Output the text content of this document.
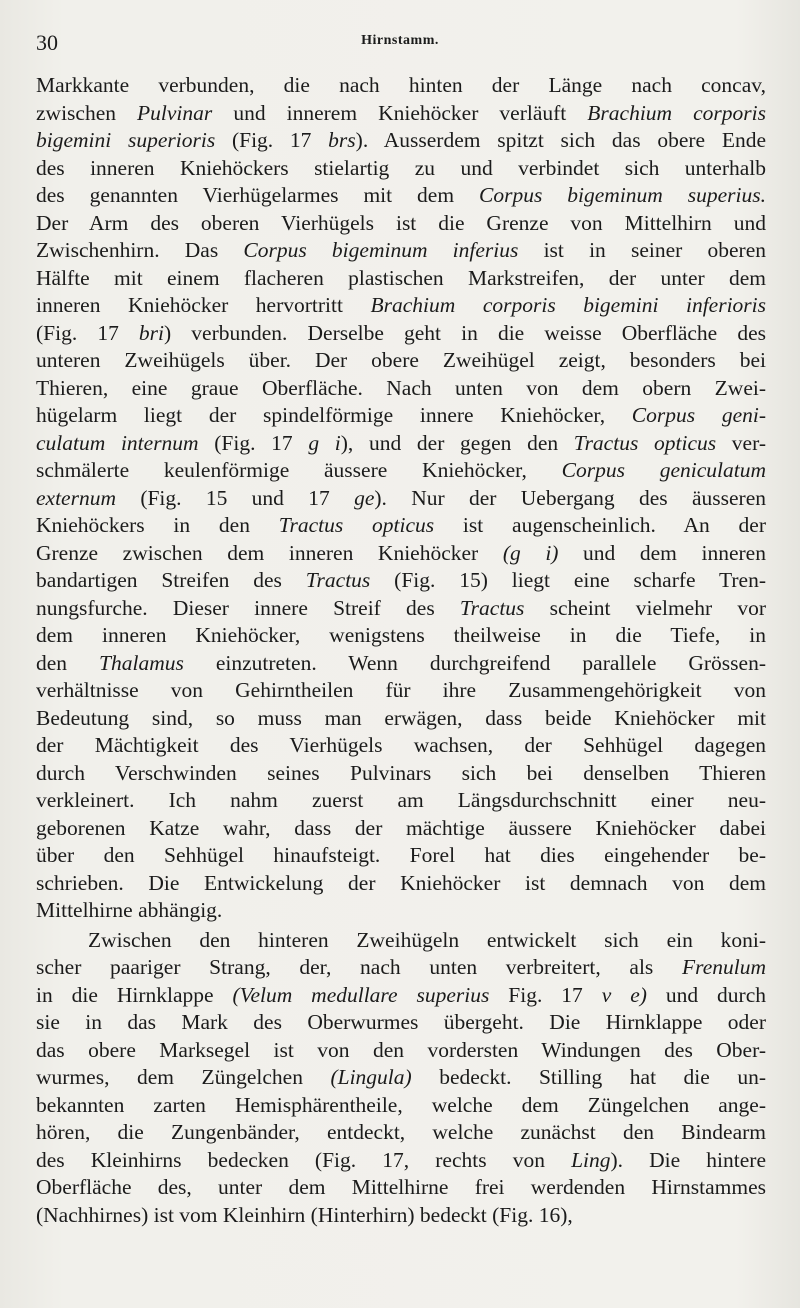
30	Hirnstamm.
Markkante verbunden, die nach hinten der Länge nach concav,
zwischen Pulvinar und innerem Kniehöcker verläuft Brachium corporis
bigemini superioris (Fig. 17 brs). Ausserdem spitzt sich das obere Ende
des inneren Kniehöckers stielartig zu und verbindet sich unterhalb
des genannten Vierhügelarmes mit dem Corpus bigeminum superius.
Der Arm des oberen Vierhügels ist die Grenze von Mittelhirn und
Zwischenhirn. Das Corpus bigeminum inferius ist in seiner oberen
Hälfte mit einem flacheren plastischen Markstreifen, der unter dem
inneren Kniehöcker hervortritt Brachium corporis bigemini inferioris
(Fig. 17 bri) verbunden. Derselbe geht in die weisse Oberfläche des
unteren Zweihügels über. Der obere Zweihügel zeigt, besonders bei
Thieren, eine graue Oberfläche. Nach unten von dem obern Zwei-
hügelarm liegt der spindelförmige innere Kniehöcker, Corpus geni-
culatum internum (Fig. 17 g i), und der gegen den Tractus opticus ver-
schmälerte keulenförmige äussere Kniehöcker, Corpus geniculatum
externum (Fig. 15 und 17 ge). Nur der Uebergang des äusseren
Kniehöckers in den Tractus opticus ist augenscheinlich. An der
Grenze zwischen dem inneren Kniehöcker (g i) und dem inneren
bandartigen Streifen des Tractus (Fig. 15) liegt eine scharfe Tren-
nungsfurche. Dieser innere Streif des Tractus scheint vielmehr vor
dem inneren Kniehöcker, wenigstens theilweise in die Tiefe, in
den Thalamus einzutreten. Wenn durchgreifend parallele Grössen-
verhältnisse von Gehirntheilen für ihre Zusammengehörigkeit von
Bedeutung sind, so muss man erwägen, dass beide Kniehöcker mit
der Mächtigkeit des Vierhügels wachsen, der Sehhügel dagegen
durch Verschwinden seines Pulvinars sich bei denselben Thieren
verkleinert. Ich nahm zuerst am Längsdurchschnitt einer neu-
geborenen Katze wahr, dass der mächtige äussere Kniehöcker dabei
über den Sehhügel hinaufsteigt. Forel hat dies eingehender be-
schrieben. Die Entwickelung der Kniehöcker ist demnach von dem
Mittelhirne abhängig.
Zwischen den hinteren Zweihügeln entwickelt sich ein koni-
scher paariger Strang, der, nach unten verbreitert, als Frenulum
in die Hirnklappe (Velum medullare superius Fig. 17 v e) und durch
sie in das Mark des Oberwurmes übergeht. Die Hirnklappe oder
das obere Marksegel ist von den vordersten Windungen des Ober-
wurmes, dem Züngelchen (Lingula) bedeckt. Stilling hat die un-
bekannten zarten Hemisphärentheile, welche dem Züngelchen ange-
hören, die Zungenbänder, entdeckt, welche zunächst den Bindearm
des Kleinhirns bedecken (Fig. 17, rechts von Ling). Die hintere
Oberfläche des, unter dem Mittelhirne frei werdenden Hirnstammes
(Nachhirnes) ist vom Kleinhirn (Hinterhirn) bedeckt (Fig. 16),
